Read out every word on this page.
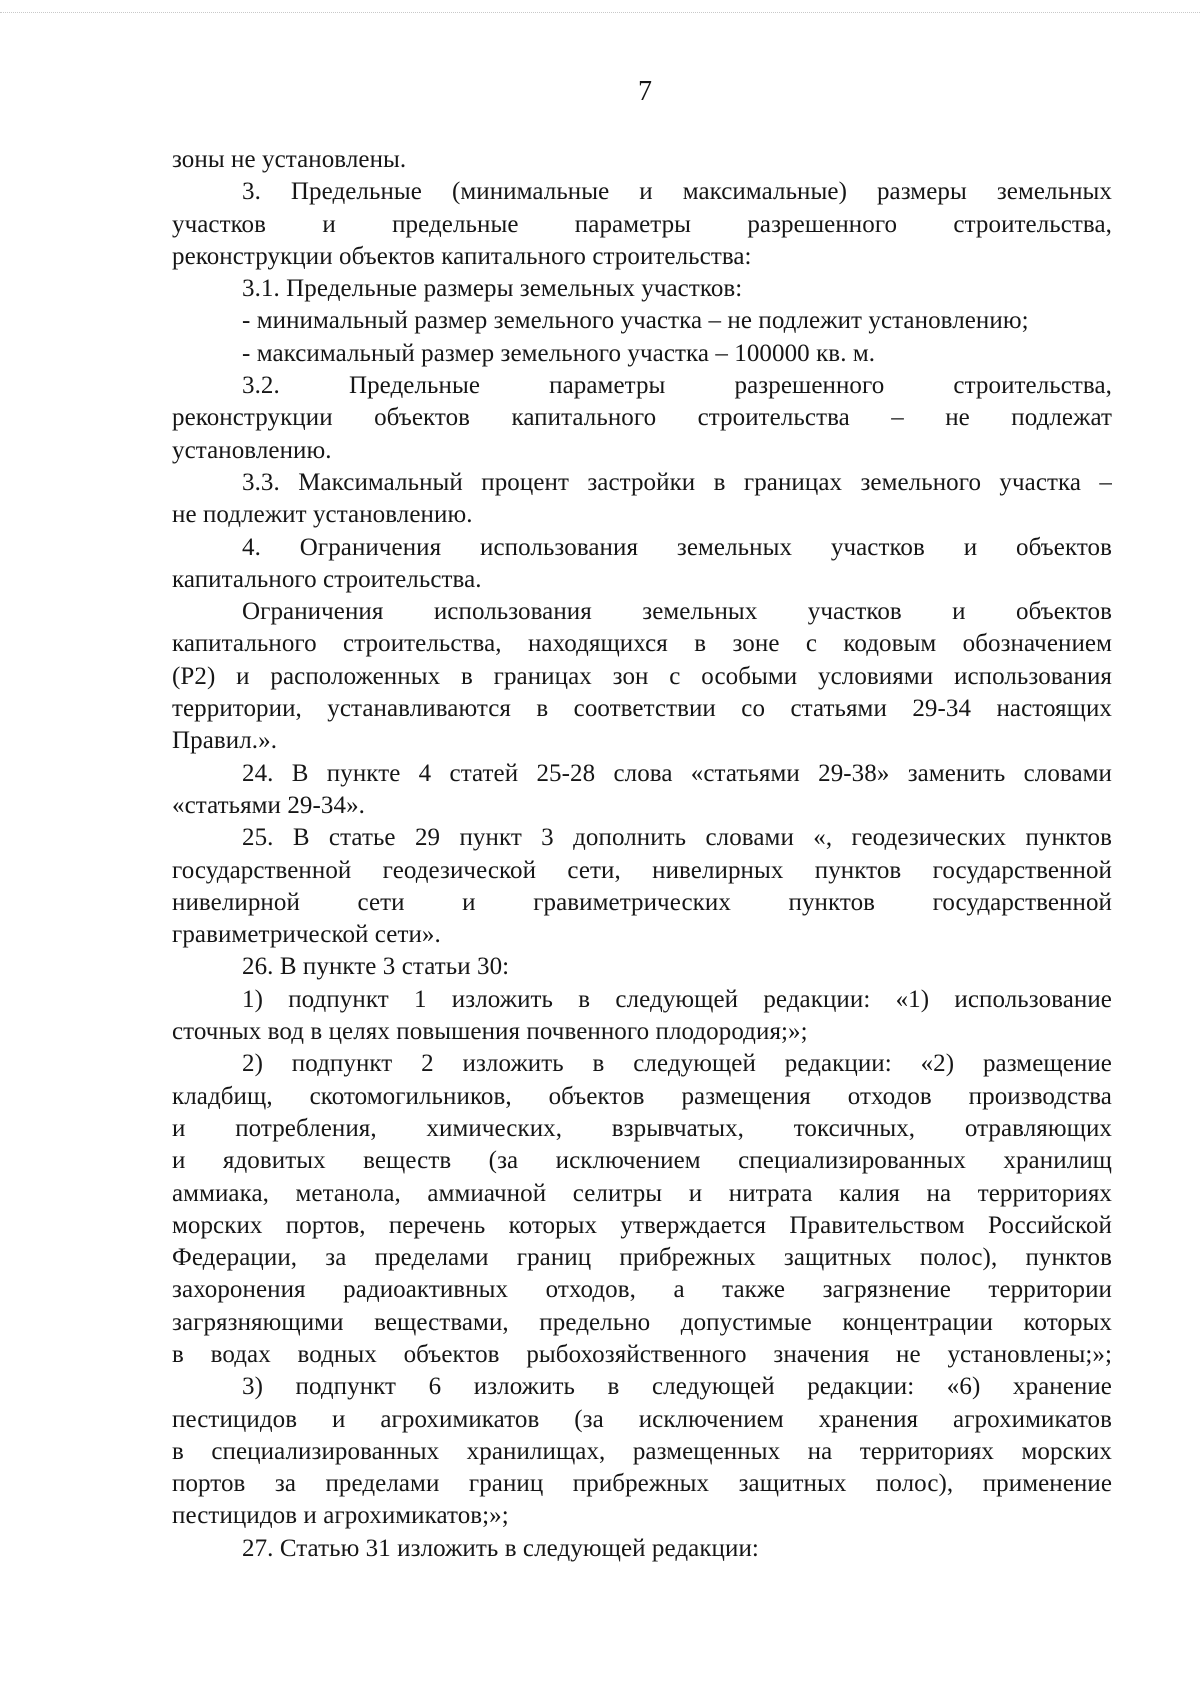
7
зоны не установлены.
3. Предельные (минимальные и максимальные) размеры земельных
участков и предельные параметры разрешенного строительства,
реконструкции объектов капитального строительства:
3.1. Предельные размеры земельных участков:
- минимальный размер земельного участка – не подлежит установлению;
- максимальный размер земельного участка – 100000 кв. м.
3.2. Предельные параметры разрешенного строительства,
реконструкции объектов капитального строительства – не подлежат
установлению.
3.3. Максимальный процент застройки в границах земельного участка –
не подлежит установлению.
4. Ограничения использования земельных участков и объектов
капитального строительства.
Ограничения использования земельных участков и объектов
капитального строительства, находящихся в зоне с кодовым обозначением
(Р2) и расположенных в границах зон с особыми условиями использования
территории, устанавливаются в соответствии со статьями 29-34 настоящих
Правил.».
24. В пункте 4 статей 25-28 слова «статьями 29-38» заменить словами
«статьями 29-34».
25. В статье 29 пункт 3 дополнить словами «, геодезических пунктов
государственной геодезической сети, нивелирных пунктов государственной
нивелирной сети и гравиметрических пунктов государственной
гравиметрической сети».
26. В пункте 3 статьи 30:
1) подпункт 1 изложить в следующей редакции: «1) использование
сточных вод в целях повышения почвенного плодородия;»;
2) подпункт 2 изложить в следующей редакции: «2) размещение
кладбищ, скотомогильников, объектов размещения отходов производства
и потребления, химических, взрывчатых, токсичных, отравляющих
и ядовитых веществ (за исключением специализированных хранилищ
аммиака, метанола, аммиачной селитры и нитрата калия на территориях
морских портов, перечень которых утверждается Правительством Российской
Федерации, за пределами границ прибрежных защитных полос), пунктов
захоронения радиоактивных отходов, а также загрязнение территории
загрязняющими веществами, предельно допустимые концентрации которых
в водах водных объектов рыбохозяйственного значения не установлены;»;
3) подпункт 6 изложить в следующей редакции: «6) хранение
пестицидов и агрохимикатов (за исключением хранения агрохимикатов
в специализированных хранилищах, размещенных на территориях морских
портов за пределами границ прибрежных защитных полос), применение
пестицидов и агрохимикатов;»;
27. Статью 31 изложить в следующей редакции:
